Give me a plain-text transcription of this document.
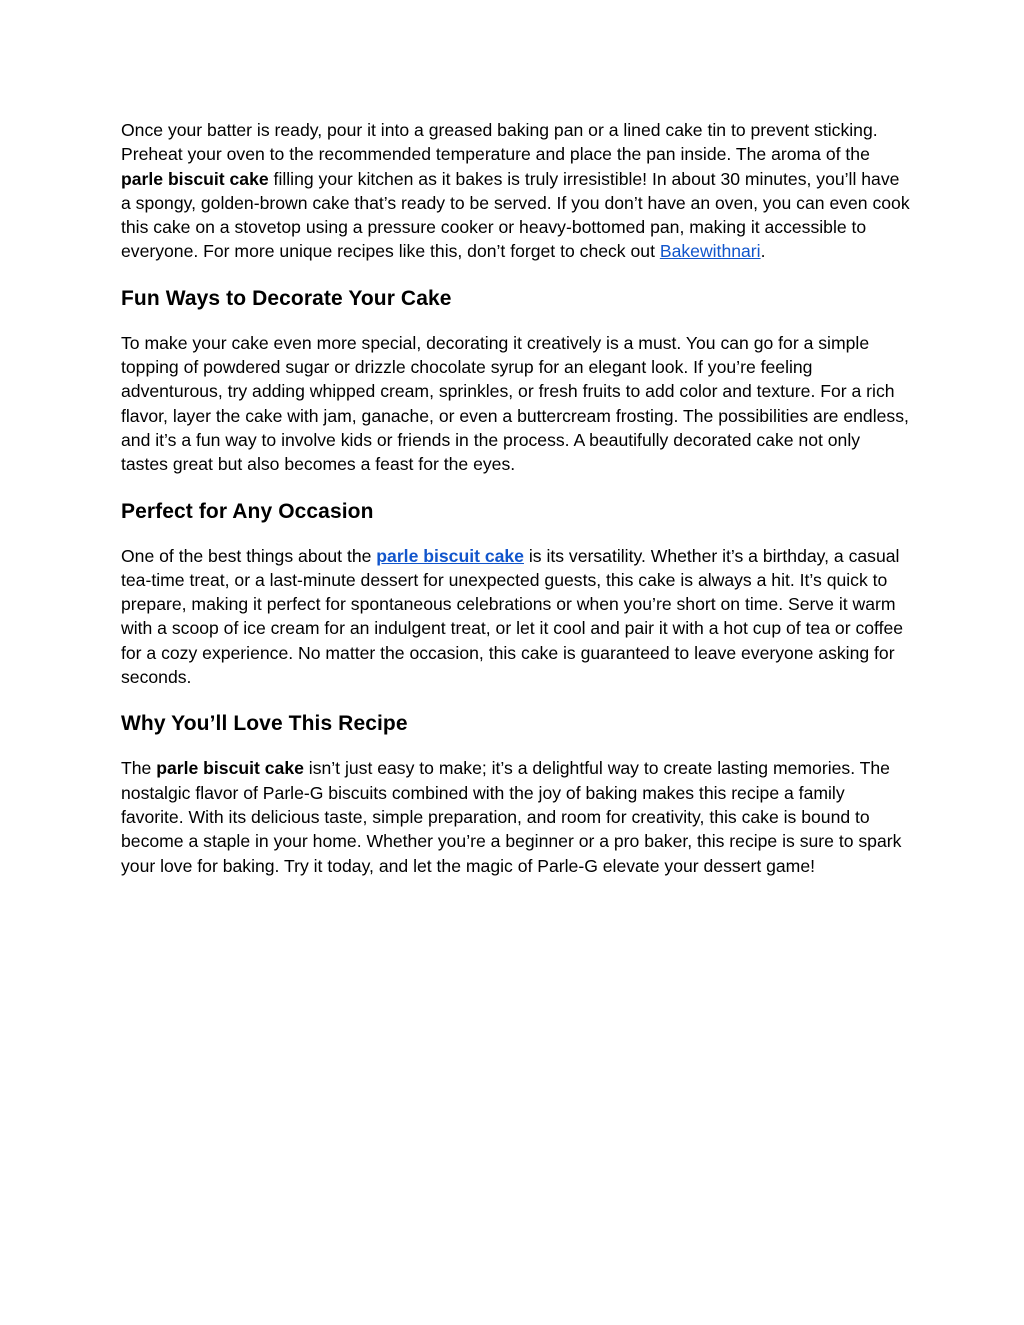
Once your batter is ready, pour it into a greased baking pan or a lined cake tin to prevent sticking. Preheat your oven to the recommended temperature and place the pan inside. The aroma of the parle biscuit cake filling your kitchen as it bakes is truly irresistible! In about 30 minutes, you’ll have a spongy, golden-brown cake that’s ready to be served. If you don’t have an oven, you can even cook this cake on a stovetop using a pressure cooker or heavy-bottomed pan, making it accessible to everyone. For more unique recipes like this, don’t forget to check out Bakewithnari.

Fun Ways to Decorate Your Cake

To make your cake even more special, decorating it creatively is a must. You can go for a simple topping of powdered sugar or drizzle chocolate syrup for an elegant look. If you’re feeling adventurous, try adding whipped cream, sprinkles, or fresh fruits to add color and texture. For a rich flavor, layer the cake with jam, ganache, or even a buttercream frosting. The possibilities are endless, and it’s a fun way to involve kids or friends in the process. A beautifully decorated cake not only tastes great but also becomes a feast for the eyes.

Perfect for Any Occasion

One of the best things about the parle biscuit cake is its versatility. Whether it’s a birthday, a casual tea-time treat, or a last-minute dessert for unexpected guests, this cake is always a hit. It’s quick to prepare, making it perfect for spontaneous celebrations or when you’re short on time. Serve it warm with a scoop of ice cream for an indulgent treat, or let it cool and pair it with a hot cup of tea or coffee for a cozy experience. No matter the occasion, this cake is guaranteed to leave everyone asking for seconds.

Why You’ll Love This Recipe

The parle biscuit cake isn’t just easy to make; it’s a delightful way to create lasting memories. The nostalgic flavor of Parle-G biscuits combined with the joy of baking makes this recipe a family favorite. With its delicious taste, simple preparation, and room for creativity, this cake is bound to become a staple in your home. Whether you’re a beginner or a pro baker, this recipe is sure to spark your love for baking. Try it today, and let the magic of Parle-G elevate your dessert game!
